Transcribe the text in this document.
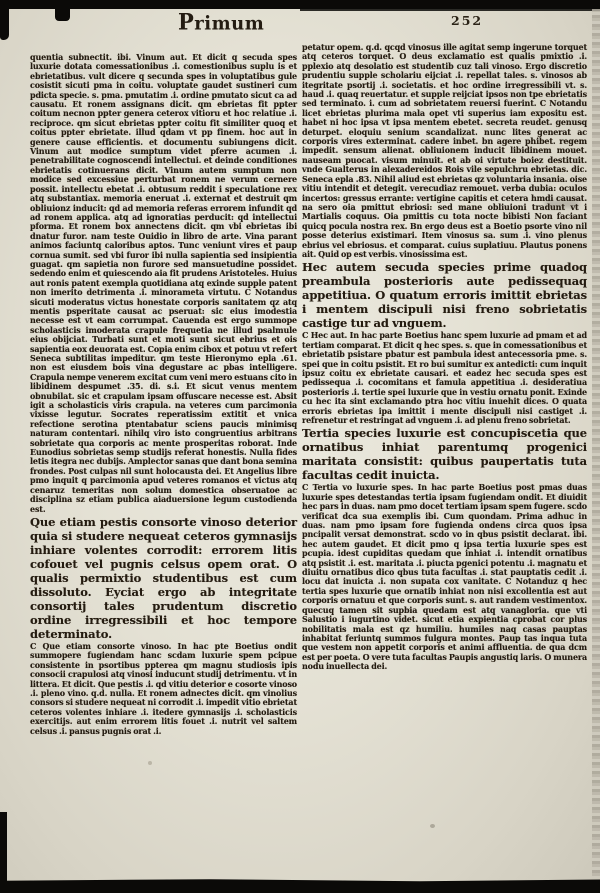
Primum	252
quentia subnectit. ibi. Vinum aut. Et dicit q secuda spes luxurie dotata comessationibus .i. comestionibus suplu is et ebrietatibus. vult dicere q secunda spes in voluptatibus gule cosistit sicuti pma in coitu. voluptate gaudet sustineri cum pdicta specie. s. pma. pmutatim .i. ordine pmutato sicut ca ad causatu. Et ronem assignans dicit. qm ebrietas fit ppter coitum necnon ppter genera ceterox vitioru et hoc relatiue .i. reciproce. qm sicut ebrietas ppter coitu fit similiter quoq et coitus ppter ebrietate. illud qdam vt pp finem. hoc aut in genere cause efficientis. et documentu subiungens dicit. Vinum aut modice sumptum videt pferre acumen .i. penetrabilitate cognoscendi intellectui. et deinde conditiones ebrietatis cotinuerans dicit. Vinum autem sumptum non modice sed excessiue perturbat ronem ne verum cernere possit. intellectu ebetat .i. obtusum reddit i speculatione rex atq substantiax. memoria eneruat .i. externat et destruit qm obliuionz inducit: qd ad memoria referas errorem infundit qd ad ronem applica. atq ad ignoratias perducit: qd intellectui pforma. Et ronem box annectens dicit. qm vbi ebrietas ibi dnatur furor. nam teste Ouidio in libro de arte. Vina parant animos faciuntq caloribus aptos. Tunc veniunt vires et paup cornua sumit. sed vbi furor ibi nulla sapientia sed insipientia guagat. qm sapietia non furore sed mansuetudine possidet. sedendo enim et quiescendo aia fit prudens Aristoteles. Huius aut ronis patent exempla quotidiana atq exinde supple patent non imerito detrimenta .i. minorameta virtutu. C Notandus sicuti moderatus victus honestate corporis sanitatem qz atq mentis psperitate causat ac pseruat: sic eius imodestia necesse est vt eam corrumpat. Cauenda est ergo summope scholasticis imoderata crapule frequetia ne illud psalmule eius obijciat. Turbati sunt et moti sunt sicut ebrius et ois sapientia eox deuorata est. Copia enim cibox et potuu vt refert Seneca subtilitas impeditur. qm teste Hieronymo epla .61. non est eiusdem bois vina degustare ac pbas intelligere. Crapula nempe venerem excitat cum veni mero estuans cito in libidinem despumet .35. di. s.i. Et sicut venus mentem obnubilat. sic et crapulam ipsam offuscare necesse est. Absit igit a scholasticis viris crapula. na veteres cum parcimonia vixisse legutur. Socrates reperatissim extitit et vnica refectione serotina ptentabatur sciens paucis minimisq naturam contentari. nihilq viro isto congruentius arbitrans sobrietate qua corporis ac mente prosperitas roborat. Inde Eunodius sobrietas semp studijs referat honestis. Nulla fides letis itegra nec dubijs. Amplector sanas que dant bona semina frondes. Post culpas nil sunt holocausta dei. Et Angelius libre pmo inquit q parcimonia apud veteres romanos et victus atq cenaruz temeritas non solum domestica obseruatoe ac disciplina sz etiam publica aiaduersione legum custodienda est.
Que etiam pestis consorte vinoso deterior quia si studere nequeat ceteros gymnasijs inhiare volentes corrodit: errorem litis cofouet vel pugnis celsus opem orat. O qualis permixtio studentibus est cum dissoluto. Eyciat ergo ab integritate consortij tales prudentum discretio ordine irregressibili et hoc tempore determinato.
C Que etiam consorte vinoso. In hac pte Boetius ondit summopere fugiendam hanc scdam luxurie spem pcipue consistente in psortibus ppterea qm magnu studiosis ipis consocii crapulosi atq vinosi inducunt studij detrimentu. vt in littera. Et dicit. Que pestis .i. qd vitiu deterior e cosorte vinoso .i. pleno vino. q.d. nulla. Et ronem adnectes dicit. qm vinolius consors si studere nequeat ni corrodit .i. impedit vitio ebrietat ceteros volentes inhiare .i. itedere gymnasijs .i. scholasticis exercitijs. aut enim errorem litis fouet .i. nutrit vel saltem celsus .i. pansus pugnis orat .i.
petatur opem. q.d. qcqd vinosus ille agitat semp ingerune torquet atq ceteros torquet. O deus exclamatio est qualis pmixtio .i. pplexio atq desolatio est studentib cuz tali vinoso. Ergo discretio prudentiu supple scholariu eijciat .i. repellat tales. s. vinosos ab itegritate psortij .i. societatis. et hoc ordine irregressibili vt. s. haud .i. quaq reuertatur. et supple reijciat ipsos non tpe ebrietatis sed terminato. i. cum ad sobrietatem reuersi fuerint. C Notandu licet ebrietas plurima mala opet vti superius iam expositu est. habet ni hoc ipsa vt ipsa mentem ebetet. secreta reudet. genusq deturpet. eloquiu senium scandalizat. nunc lites generat ac corporis vires exterminat. cadere inbet. bn agere phibet. regem impedit. sensum alienat. obliuionem inducit libidinem mouet. nauseam puocat. visum minuit. et ab oi virtute boiez destituit. vnde Gualterus in alexadereidos Rois vile sepulchru ebrietas. dic. Seneca epla .83. Nihil aliud est ebrietas qz voluntaria insania. oise vitiu intendit et detegit. verecudiaz remouet. verba dubia: oculos incertos: gressus errante: vertigine capitis et cetera hmdi causat. na sero oia pmittut ebriosi: sed mane obliuioni tradunt vt i Martialis coquus. Oia pmittis cu tota nocte bibisti Non faciant quicq pocula nostra rex. Bn ergo deus est a Boetio psorte vino nil posse deterius existimari. Item vinosus sa. sum .i. vino plenus ebrius vel ebriosus. et comparat. cuius suplatiuu. Plautus ponens ait. Quid op est verbis. vinosissima est.
Hec autem secuda species prime quadoq preambula posterioris aute pedissequaq appetitiua. O quatum erroris imittit ebrietas i mentem discipuli nisi freno sobrietatis castige tur ad vnguem.
C Hec aut. In hac parte Boetius hanc spem luxurie ad pmam et ad tertiam comparat. Et dicit q hec spes. s. que in comessationibus et ebrietatib psistare pbatur est pambula idest antecessoria pme. s. spei que in coitu psistit. Et ro bui sumitur ex antedicti: cum inquit ipsuz coitu ex ebrietate causari. et eadez hec secuda spes est pedissequa .i. cocomitans et famula appetitiua .i. desideratiua posterioris .i. tertie spei luxurie que in vestiu ornatu ponit. Exinde cu hec ita sint exclamando ptra hoc vitiu inuehit dices. O quata erroris ebrietas ipa imittit i mente discipuli nisi castiget .i. refrenetur et restringat ad vnguem .i. ad plenu freno sobrietat.
Tertia species luxurie est concupiscetia que ornatibus inhiat parentumq progenici maritata consistit: quibus paupertatis tuta facultas cedit inuicta.
C Tertia vo luxurie spes. In hac parte Boetius post pmas duas luxurie spes detestandas tertia ipsam fugiendam ondit. Et diuidit hec pars in duas. nam pmo docet tertiam ipsam spem fugere. scdo verificat dca sua exemplis ibi. Cum quondam. Prima adhuc in duas. nam pmo ipsam fore fugienda ondens circa quos ipsa pncipalit versat demonstrat. scdo vo in qbus psistit declarat. ibi. hec autem gaudet. Et dicit pmo q ipsa tertia luxurie spes est pcupia. idest cupiditas quedam que inhiat .i. intendit ornatibus atq psistit .i. est. maritata .i. piucta pgenici potentu .i. magnatu et diuitu ornatibus dico qbus tuta facultas .i. stat pauptatis cedit .i. locu dat inuicta .i. non supata cox vanitate. C Notanduz q hec tertia spes luxurie que ornatib inhiat non nisi excollentia est aut corporis ornatuu et que corporis sunt. s. aut randem vestimentox. quecuq tamen sit supbia quedam est atq vanagloria. que vti Salustio i iugurtino videt. sicut etia expientia cprobat cor plus nobilitatis mala est qz humiliu. humiles naq casas pauptas inhabitat feriuntq summos fulgura montes. Paup tas inqua tuta que vestem non appetit corporis et animi affluentia. de qua dcm est per poeta. O vere tuta facultas Paupis angustiq laris. O munera nodu inuellecta dei.
